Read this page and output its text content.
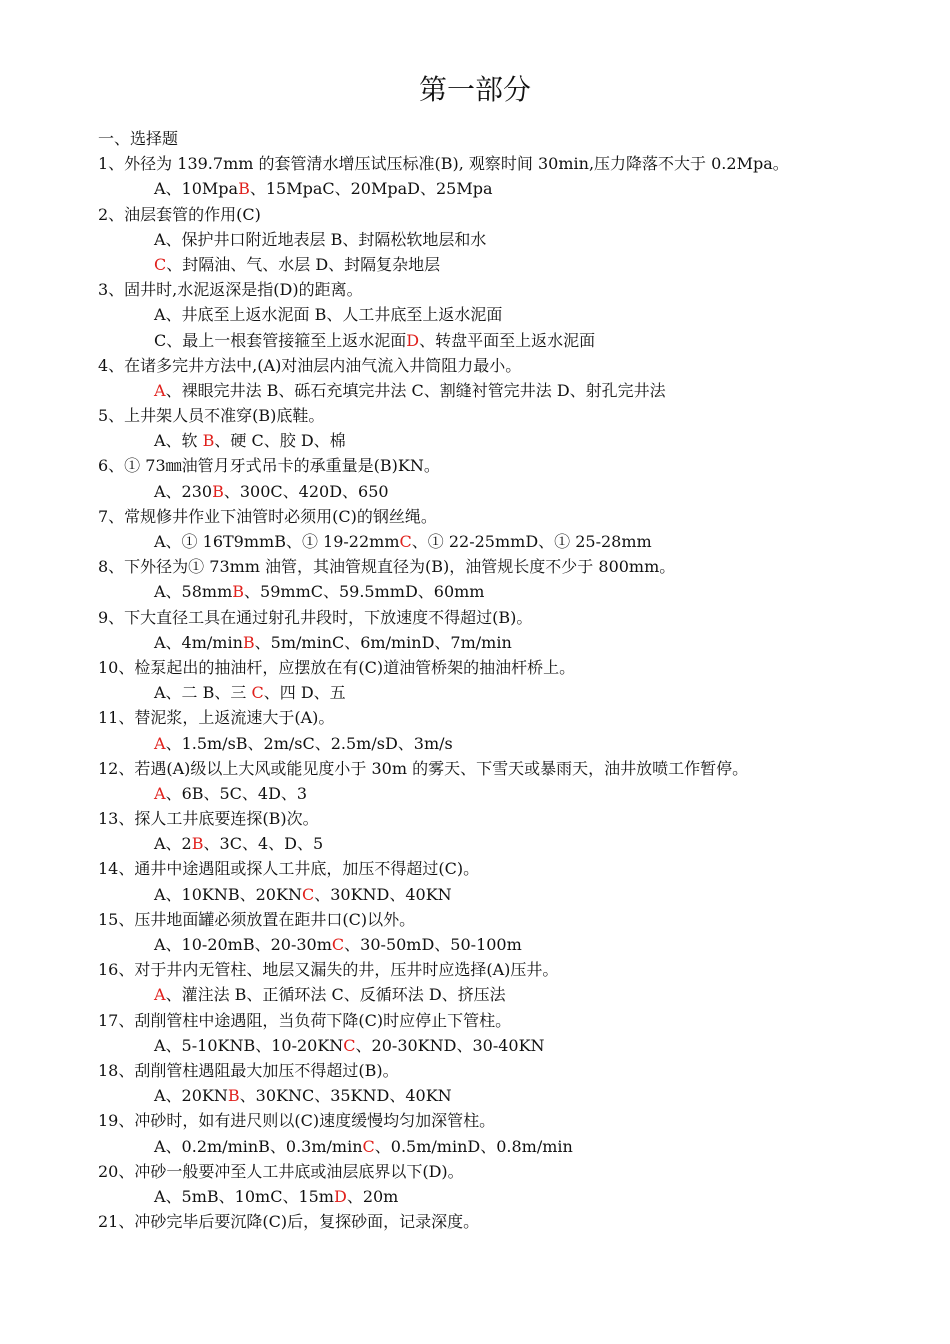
第一部分
一、选择题
1、外径为 139.7mm 的套管清水增压试压标准(B), 观察时间 30min,压力降落不大于 0.2Mpa。
A、10MpaB、15MpaC、20MpaD、25Mpa
2、油层套管的作用(C)
A、保护井口附近地表层 B、封隔松软地层和水
C、封隔油、气、水层 D、封隔复杂地层
3、固井时,水泥返深是指(D)的距离。
A、井底至上返水泥面 B、人工井底至上返水泥面
C、最上一根套管接箍至上返水泥面D、转盘平面至上返水泥面
4、在诸多完井方法中,(A)对油层内油气流入井筒阻力最小。
A、裸眼完井法 B、砾石充填完井法 C、割缝衬管完井法 D、射孔完井法
5、上井架人员不准穿(B)底鞋。
A、软 B、硬 C、胶 D、棉
6、① 73㎜油管月牙式吊卡的承重量是(B)KN。
A、230B、300C、420D、650
7、常规修井作业下油管时必须用(C)的钢丝绳。
A、① 16T9mmB、① 19-22mmC、① 22-25mmD、① 25-28mm
8、下外径为① 73mm 油管，其油管规直径为(B)，油管规长度不少于 800mm。
A、58mmB、59mmC、59.5mmD、60mm
9、下大直径工具在通过射孔井段时，下放速度不得超过(B)。
A、4m/minB、5m/minC、6m/minD、7m/min
10、检泵起出的抽油杆，应摆放在有(C)道油管桥架的抽油杆桥上。
A、二 B、三 C、四 D、五
11、替泥浆，上返流速大于(A)。
A、1.5m/sB、2m/sC、2.5m/sD、3m/s
12、若遇(A)级以上大风或能见度小于 30m 的雾天、下雪天或暴雨天，油井放喷工作暂停。
A、6B、5C、4D、3
13、探人工井底要连探(B)次。
A、2B、3C、4、D、5
14、通井中途遇阻或探人工井底，加压不得超过(C)。
A、10KNB、20KNC、30KND、40KN
15、压井地面罐必须放置在距井口(C)以外。
A、10-20mB、20-30mC、30-50mD、50-100m
16、对于井内无管柱、地层又漏失的井，压井时应选择(A)压井。
A、灌注法 B、正循环法 C、反循环法 D、挤压法
17、刮削管柱中途遇阻，当负荷下降(C)时应停止下管柱。
A、5-10KNB、10-20KNC、20-30KND、30-40KN
18、刮削管柱遇阻最大加压不得超过(B)。
A、20KNB、30KNC、35KND、40KN
19、冲砂时，如有进尺则以(C)速度缓慢均匀加深管柱。
A、0.2m/minB、0.3m/minC、0.5m/minD、0.8m/min
20、冲砂一般要冲至人工井底或油层底界以下(D)。
A、5mB、10mC、15mD、20m
21、冲砂完毕后要沉降(C)后，复探砂面，记录深度。
